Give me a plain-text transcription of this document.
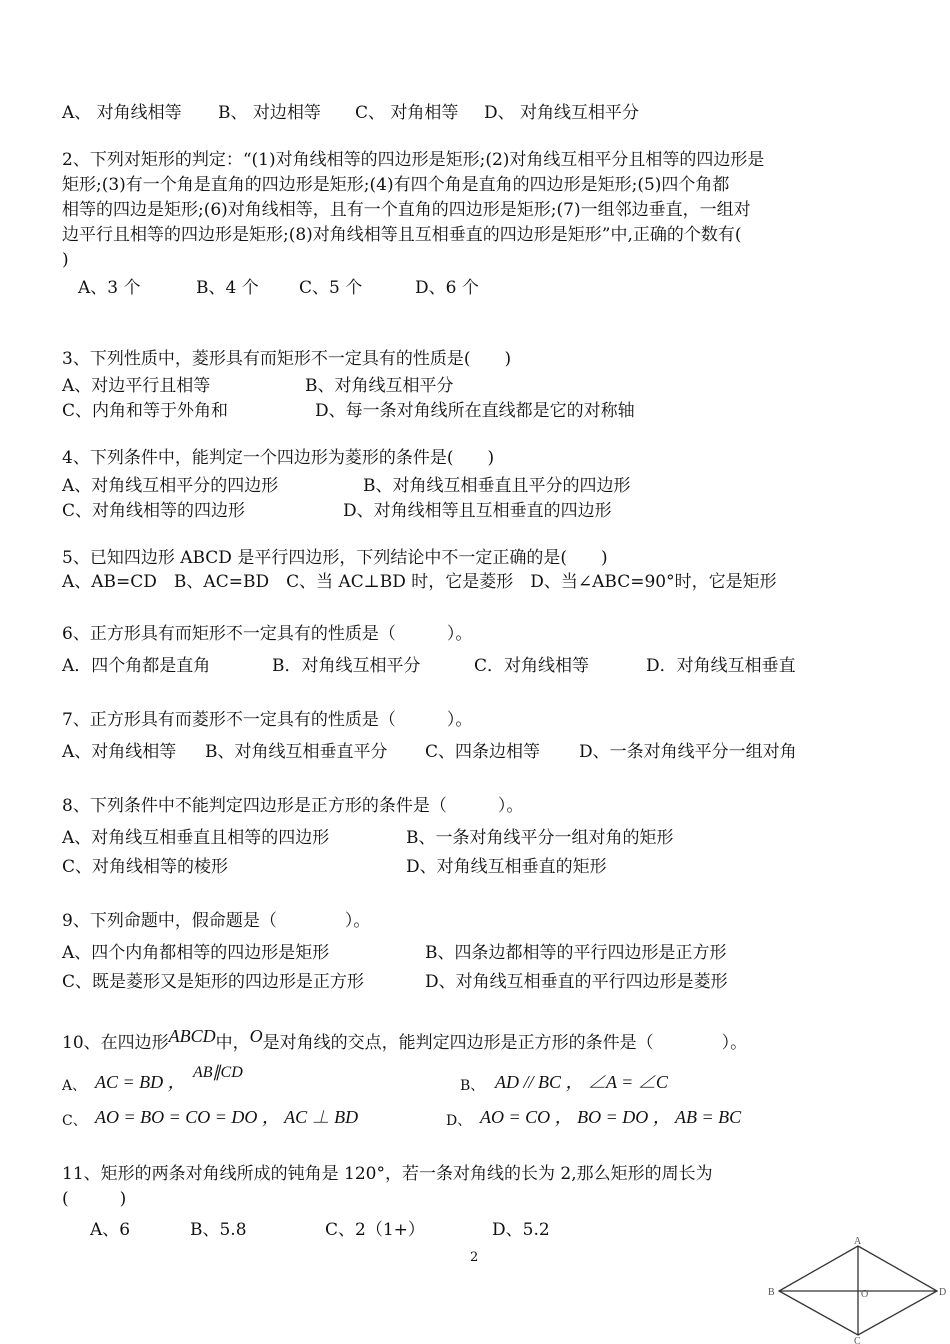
A、 对角线相等 B、 对边相等 C、 对角相等 D、 对角线互相平分
2、下列对矩形的判定：“(1)对角线相等的四边形是矩形;(2)对角线互相平分且相等的四边形是
矩形;(3)有一个角是直角的四边形是矩形;(4)有四个角是直角的四边形是矩形;(5)四个角都
相等的四边是矩形;(6)对角线相等，且有一个直角的四边形是矩形;(7)一组邻边垂直，一组对
边平行且相等的四边形是矩形;(8)对角线相等且互相垂直的四边形是矩形”中,正确的个数有(
)
A、3 个	B、4 个 C、5 个	D、6 个
3、下列性质中，菱形具有而矩形不一定具有的性质是(　　)
A、对边平行且相等	B、对角线互相平分
C、内角和等于外角和	D、每一条对角线所在直线都是它的对称轴
4、下列条件中，能判定一个四边形为菱形的条件是(　　)
A、对角线互相平分的四边形	B、对角线互相垂直且平分的四边形
C、对角线相等的四边形	D、对角线相等且互相垂直的四边形
5、已知四边形 ABCD 是平行四边形，下列结论中不一定正确的是(　　)
A、AB=CD　B、AC=BD　C、当 AC⊥BD 时，它是菱形　D、当∠ABC=90°时，它是矩形
6、正方形具有而矩形不一定具有的性质是（　　　）。
A．四个角都是直角	B．对角线互相平分	C．对角线相等	D．对角线互相垂直
7、正方形具有而菱形不一定具有的性质是（　　　）。
A、对角线相等 B、对角线互相垂直平分 C、四条边相等 D、一条对角线平分一组对角
8、下列条件中不能判定四边形是正方形的条件是（　　　）。
A、对角线互相垂直且相等的四边形	B、一条对角线平分一组对角的矩形
C、对角线相等的棱形	D、对角线互相垂直的矩形
9、下列命题中，假命题是（　　　　）。
A、四个内角都相等的四边形是矩形	B、四条边都相等的平行四边形是正方形
C、既是菱形又是矩形的四边形是正方形	D、对角线互相垂直的平行四边形是菱形
10、在四边形ABCD中，O是对角线的交点，能判定四边形是正方形的条件是（　　　　）。
A、 AC = BD ， AB∥CD
B、 AD // BC ， ∠A = ∠C
C、 AO = BO = CO = DO ， AC ⊥ BD	D、 AO = CO ， BO = DO ， AB = BC
11、矩形的两条对角线所成的钝角是 120°，若一条对角线的长为 2,那么矩形的周长为
(　　　)
A、6	B、5.8	C、2（1+）	D、5.2
2
A
B
C
D
O
